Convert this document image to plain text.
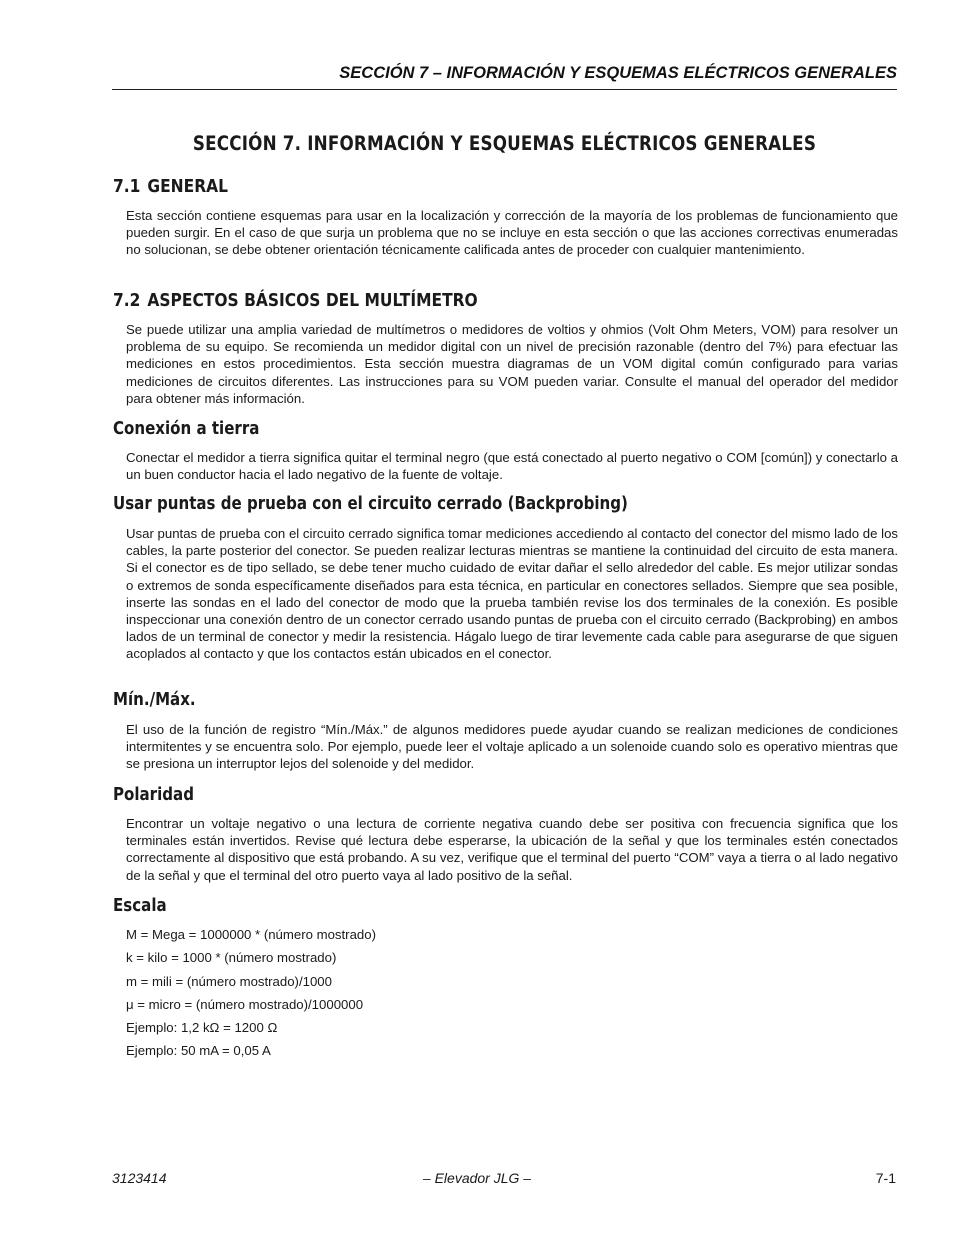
SECCIÓN 7 – INFORMACIÓN Y ESQUEMAS ELÉCTRICOS GENERALES
SECCIÓN 7. INFORMACIÓN Y ESQUEMAS ELÉCTRICOS GENERALES
7.1 GENERAL

Esta sección contiene esquemas para usar en la localización y corrección de la mayoría de los problemas de funcionamiento que pueden surgir. En el caso de que surja un problema que no se incluye en esta sección o que las acciones correctivas enumeradas no solucionan, se debe obtener orientación técnicamente calificada antes de proceder con cualquier mantenimiento.

7.2 ASPECTOS BÁSICOS DEL MULTÍMETRO

Se puede utilizar una amplia variedad de multímetros o medidores de voltios y ohmios (Volt Ohm Meters, VOM) para resolver un problema de su equipo. Se recomienda un medidor digital con un nivel de precisión razonable (dentro del 7%) para efectuar las mediciones en estos procedimientos. Esta sección muestra diagramas de un VOM digital común configurado para varias mediciones de circuitos diferentes. Las instrucciones para su VOM pueden variar. Consulte el manual del operador del medidor para obtener más información.

Conexión a tierra

Conectar el medidor a tierra significa quitar el terminal negro (que está conectado al puerto negativo o COM [común]) y conectarlo a un buen conductor hacia el lado negativo de la fuente de voltaje.

Usar puntas de prueba con el circuito cerrado (Backprobing)

Usar puntas de prueba con el circuito cerrado significa tomar mediciones accediendo al contacto del conector del mismo lado de los cables, la parte posterior del conector. Se pueden realizar lecturas mientras se mantiene la continuidad del circuito de esta manera. Si el conector es de tipo sellado, se debe tener mucho cuidado de evitar dañar el sello alrededor del cable. Es mejor utilizar sondas o extremos de sonda específicamente diseñados para esta técnica, en particular en conectores sellados. Siempre que sea posible, inserte las sondas en el lado del conector de modo que la prueba también revise los dos terminales de la conexión. Es posible inspeccionar una conexión dentro de un conector cerrado usando puntas de prueba con el circuito cerrado (Backprobing) en ambos lados de un terminal de conector y medir la resistencia. Hágalo luego de tirar levemente cada cable para asegurarse de que siguen acoplados al contacto y que los contactos están ubicados en el conector.

Mín./Máx.

El uso de la función de registro “Mín./Máx.” de algunos medidores puede ayudar cuando se realizan mediciones de condiciones intermitentes y se encuentra solo. Por ejemplo, puede leer el voltaje aplicado a un solenoide cuando solo es operativo mientras que se presiona un interruptor lejos del solenoide y del medidor.

Polaridad

Encontrar un voltaje negativo o una lectura de corriente negativa cuando debe ser positiva con frecuencia significa que los terminales están invertidos. Revise qué lectura debe esperarse, la ubicación de la señal y que los terminales estén conectados correctamente al dispositivo que está probando. A su vez, verifique que el terminal del puerto “COM” vaya a tierra o al lado negativo de la señal y que el terminal del otro puerto vaya al lado positivo de la señal.

Escala

M = Mega = 1000000 * (número mostrado)

k = kilo = 1000 * (número mostrado)

m = mili = (número mostrado)/1000

μ = micro = (número mostrado)/1000000

Ejemplo: 1,2 kΩ = 1200 Ω

Ejemplo: 50 mA = 0,05 A

3123414	– Elevador JLG –	7-1
